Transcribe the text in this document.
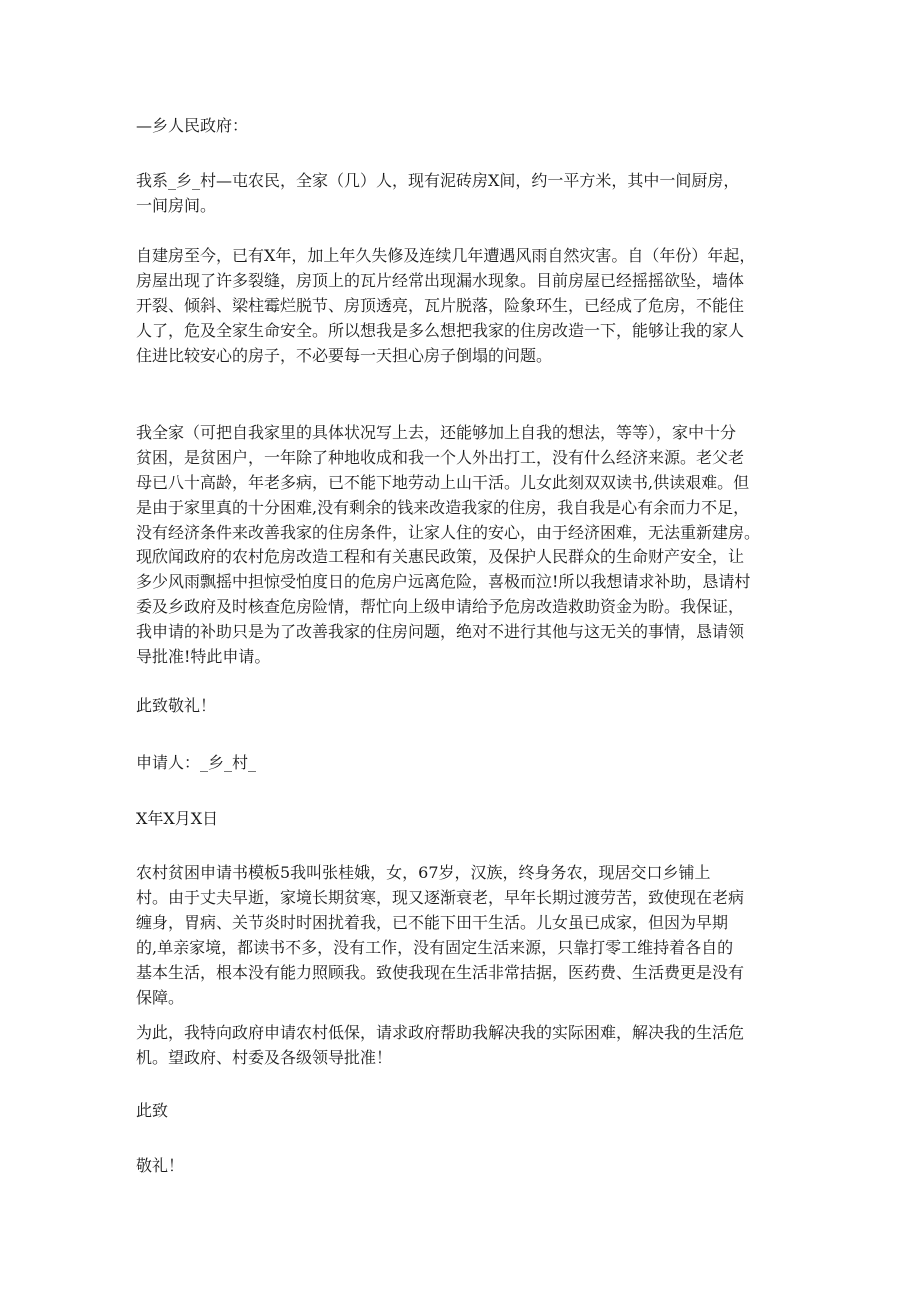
—乡人民政府：

我系_乡_村—屯农民，全家（几）人，现有泥砖房X间，约一平方米，其中一间厨房，
一间房间。
自建房至今，已有X年，加上年久失修及连续几年遭遇风雨自然灾害。自（年份）年起，
房屋出现了许多裂缝，房顶上的瓦片经常出现漏水现象。目前房屋已经摇摇欲坠，墙体
开裂、倾斜、梁柱霉烂脱节、房顶透亮，瓦片脱落，险象环生，已经成了危房，不能住
人了，危及全家生命安全。所以想我是多么想把我家的住房改造一下，能够让我的家人
住进比较安心的房子，不必要每一天担心房子倒塌的问题。
我全家（可把自我家里的具体状况写上去，还能够加上自我的想法，等等），家中十分
贫困，是贫困户，一年除了种地收成和我一个人外出打工，没有什么经济来源。老父老
母已八十高龄，年老多病，已不能下地劳动上山干活。儿女此刻双双读书,供读艰难。但
是由于家里真的十分困难,没有剩余的钱来改造我家的住房，我自我是心有余而力不足，
没有经济条件来改善我家的住房条件，让家人住的安心，由于经济困难，无法重新建房。
现欣闻政府的农村危房改造工程和有关惠民政策，及保护人民群众的生命财产安全，让
多少风雨飘摇中担惊受怕度日的危房户远离危险，喜极而泣!所以我想请求补助，恳请村
委及乡政府及时核查危房险情，帮忙向上级申请给予危房改造救助资金为盼。我保证，
我申请的补助只是为了改善我家的住房问题，绝对不进行其他与这无关的事情，恳请领
导批准!特此申请。

此致敬礼！

申请人：_乡_村_

X年X月X日

农村贫困申请书模板5我叫张桂娥，女，67岁，汉族，终身务农，现居交口乡铺上
村。由于丈夫早逝，家境长期贫寒，现又逐渐衰老，早年长期过渡劳苦，致使现在老病
缠身，胃病、关节炎时时困扰着我，已不能下田干生活。儿女虽已成家，但因为早期
的,单亲家境，都读书不多，没有工作，没有固定生活来源，只靠打零工维持着各自的
基本生活，根本没有能力照顾我。致使我现在生活非常拮据，医药费、生活费更是没有
保障。
为此，我特向政府申请农村低保，请求政府帮助我解决我的实际困难，解决我的生活危
机。望政府、村委及各级领导批准！

此致

敬礼！
